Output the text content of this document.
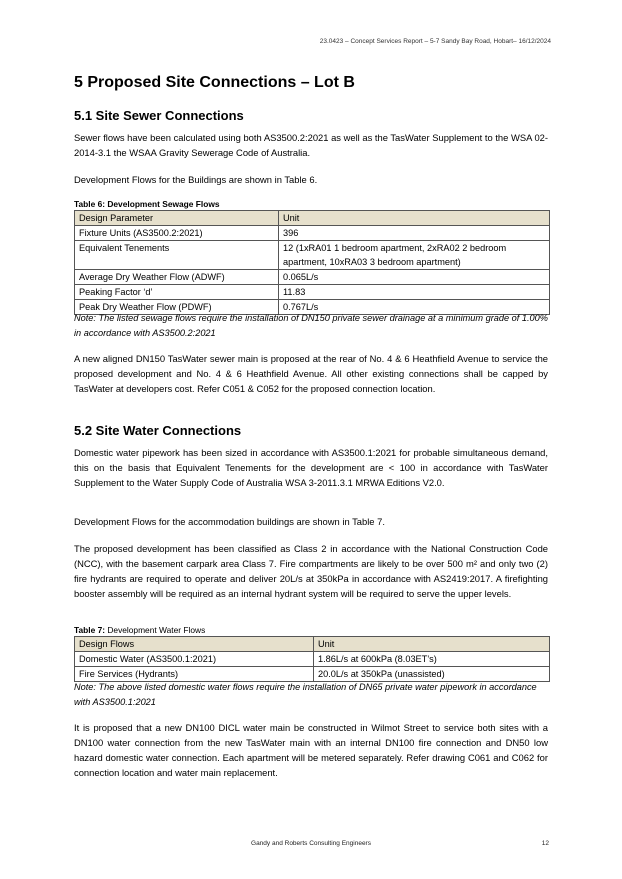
23.0423 – Concept Services Report – 5-7 Sandy Bay Road, Hobart– 16/12/2024
5 Proposed Site Connections – Lot B
5.1 Site Sewer Connections
Sewer flows have been calculated using both AS3500.2:2021 as well as the TasWater Supplement to the WSA 02-2014-3.1 the WSAA Gravity Sewerage Code of Australia.
Development Flows for the Buildings are shown in Table 6.
Table 6: Development Sewage Flows
Design Parameter	Unit
Fixture Units (AS3500.2:2021)	396
Equivalent Tenements	12 (1xRA01 1 bedroom apartment, 2xRA02 2 bedroom apartment, 10xRA03 3 bedroom apartment)
Average Dry Weather Flow (ADWF)	0.065L/s
Peaking Factor ‘d’	11.83
Peak Dry Weather Flow (PDWF)	0.767L/s
Note: The listed sewage flows require the installation of DN150 private sewer drainage at a minimum grade of 1.00% in accordance with AS3500.2:2021
A new aligned DN150 TasWater sewer main is proposed at the rear of No. 4 & 6 Heathfield Avenue to service the proposed development and No. 4 & 6 Heathfield Avenue. All other existing connections shall be capped by TasWater at developers cost. Refer C051 & C052 for the proposed connection location.
5.2 Site Water Connections
Domestic water pipework has been sized in accordance with AS3500.1:2021 for probable simultaneous demand, this on the basis that Equivalent Tenements for the development are < 100 in accordance with TasWater Supplement to the Water Supply Code of Australia WSA 3-2011.3.1 MRWA Editions V2.0.
Development Flows for the accommodation buildings are shown in Table 7.
The proposed development has been classified as Class 2 in accordance with the National Construction Code (NCC), with the basement carpark area Class 7. Fire compartments are likely to be over 500 m² and only two (2) fire hydrants are required to operate and deliver 20L/s at 350kPa in accordance with AS2419:2017. A firefighting booster assembly will be required as an internal hydrant system will be required to serve the upper levels.
Table 7: Development Water Flows
Design Flows	Unit
Domestic Water (AS3500.1:2021)	1.86L/s at 600kPa (8.03ET’s)
Fire Services (Hydrants)	20.0L/s at 350kPa (unassisted)
Note: The above listed domestic water flows require the installation of DN65 private water pipework in accordance with AS3500.1:2021
It is proposed that a new DN100 DICL water main be constructed in Wilmot Street to service both sites with a DN100 water connection from the new TasWater main with an internal DN100 fire connection and DN50 low hazard domestic water connection. Each apartment will be metered separately. Refer drawing C061 and C062 for connection location and water main replacement.
Gandy and Roberts Consulting Engineers	12
